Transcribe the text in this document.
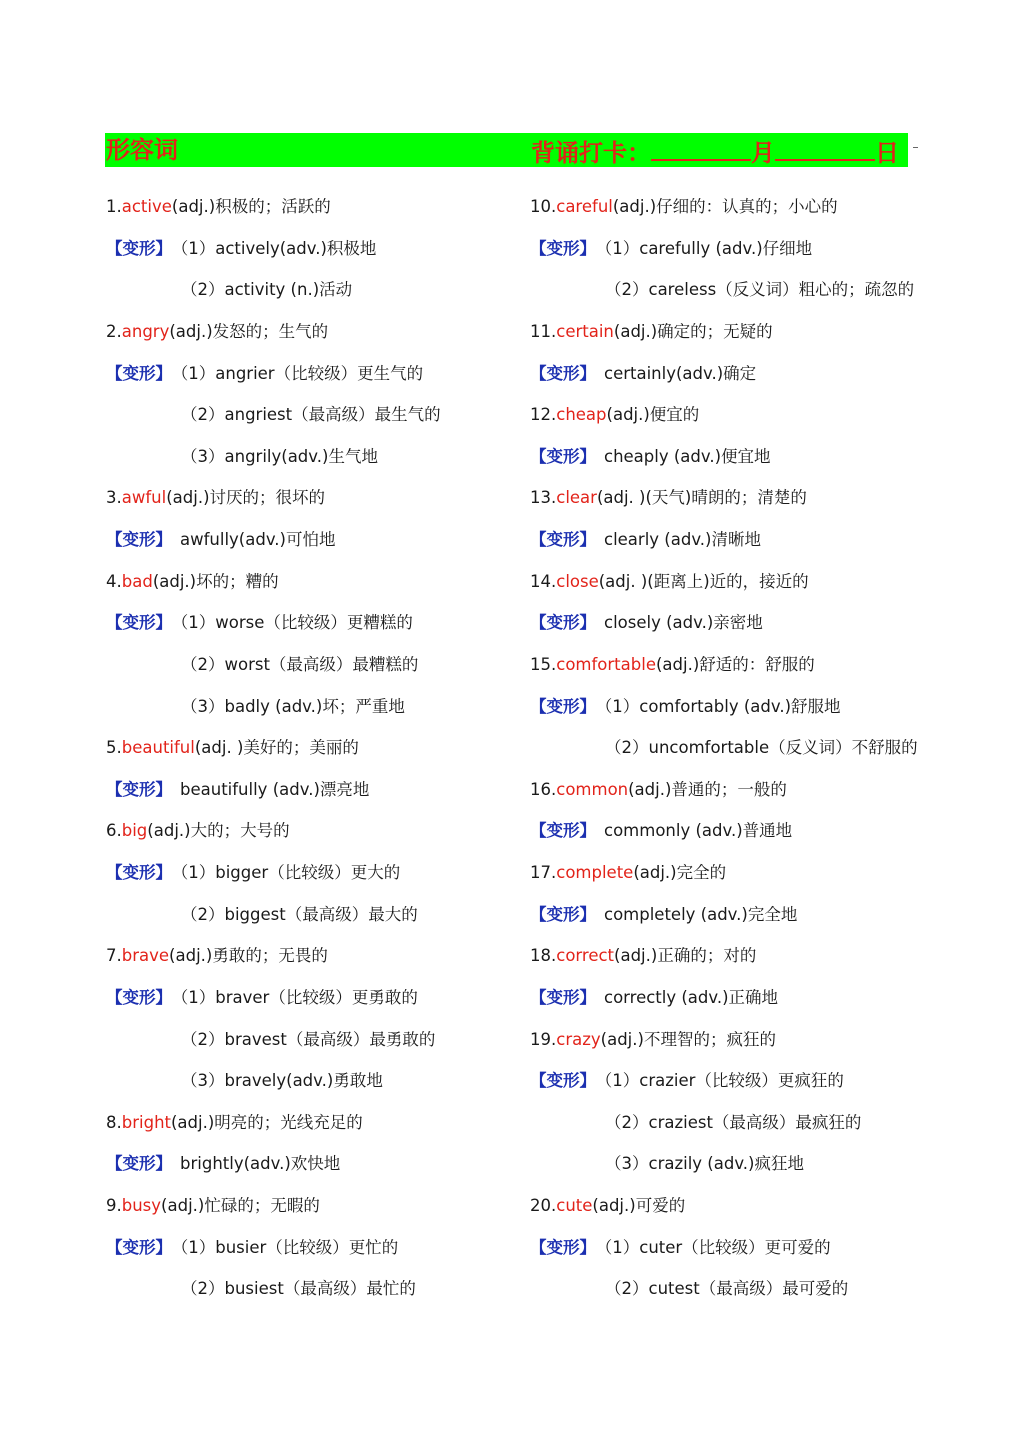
形容词	背诵打卡：	月	日
1.active(adj.)积极的；活跃的
【变形】 （1）actively(adv.)积极地
（2）activity (n.)活动
2.angry(adj.)发怒的；生气的
【变形】 （1）angrier（比较级）更生气的
（2）angriest（最高级）最生气的
（3）angrily(adv.)生气地
3.awful(adj.)讨厌的；很坏的
【变形】 awfully(adv.)可怕地
4.bad(adj.)坏的；糟的
【变形】 （1）worse（比较级）更糟糕的
（2）worst（最高级）最糟糕的
（3）badly (adv.)坏；严重地
5.beautiful(adj. )美好的；美丽的
【变形】 beautifully (adv.)漂亮地
6.big(adj.)大的；大号的
【变形】 （1）bigger（比较级）更大的
（2）biggest（最高级）最大的
7.brave(adj.)勇敢的；无畏的
【变形】 （1）braver（比较级）更勇敢的
（2）bravest（最高级）最勇敢的
（3）bravely(adv.)勇敢地
8.bright(adj.)明亮的；光线充足的
【变形】 brightly(adv.)欢快地
9.busy(adj.)忙碌的；无暇的
【变形】 （1）busier（比较级）更忙的
（2）busiest（最高级）最忙的
10.careful(adj.)仔细的：认真的；小心的
【变形】 （1）carefully (adv.)仔细地
（2）careless（反义词）粗心的；疏忽的
11.certain(adj.)确定的；无疑的
【变形】 certainly(adv.)确定
12.cheap(adj.)便宜的
【变形】 cheaply (adv.)便宜地
13.clear(adj. )(天气)晴朗的；清楚的
【变形】 clearly (adv.)清晰地
14.close(adj. )(距离上)近的，接近的
【变形】 closely (adv.)亲密地
15.comfortable(adj.)舒适的：舒服的
【变形】 （1）comfortably (adv.)舒服地
（2）uncomfortable（反义词）不舒服的
16.common(adj.)普通的；一般的
【变形】 commonly (adv.)普通地
17.complete(adj.)完全的
【变形】 completely (adv.)完全地
18.correct(adj.)正确的；对的
【变形】 correctly (adv.)正确地
19.crazy(adj.)不理智的；疯狂的
【变形】 （1）crazier（比较级）更疯狂的
（2）craziest（最高级）最疯狂的
（3）crazily (adv.)疯狂地
20.cute(adj.)可爱的
【变形】 （1）cuter（比较级）更可爱的
（2）cutest（最高级）最可爱的
